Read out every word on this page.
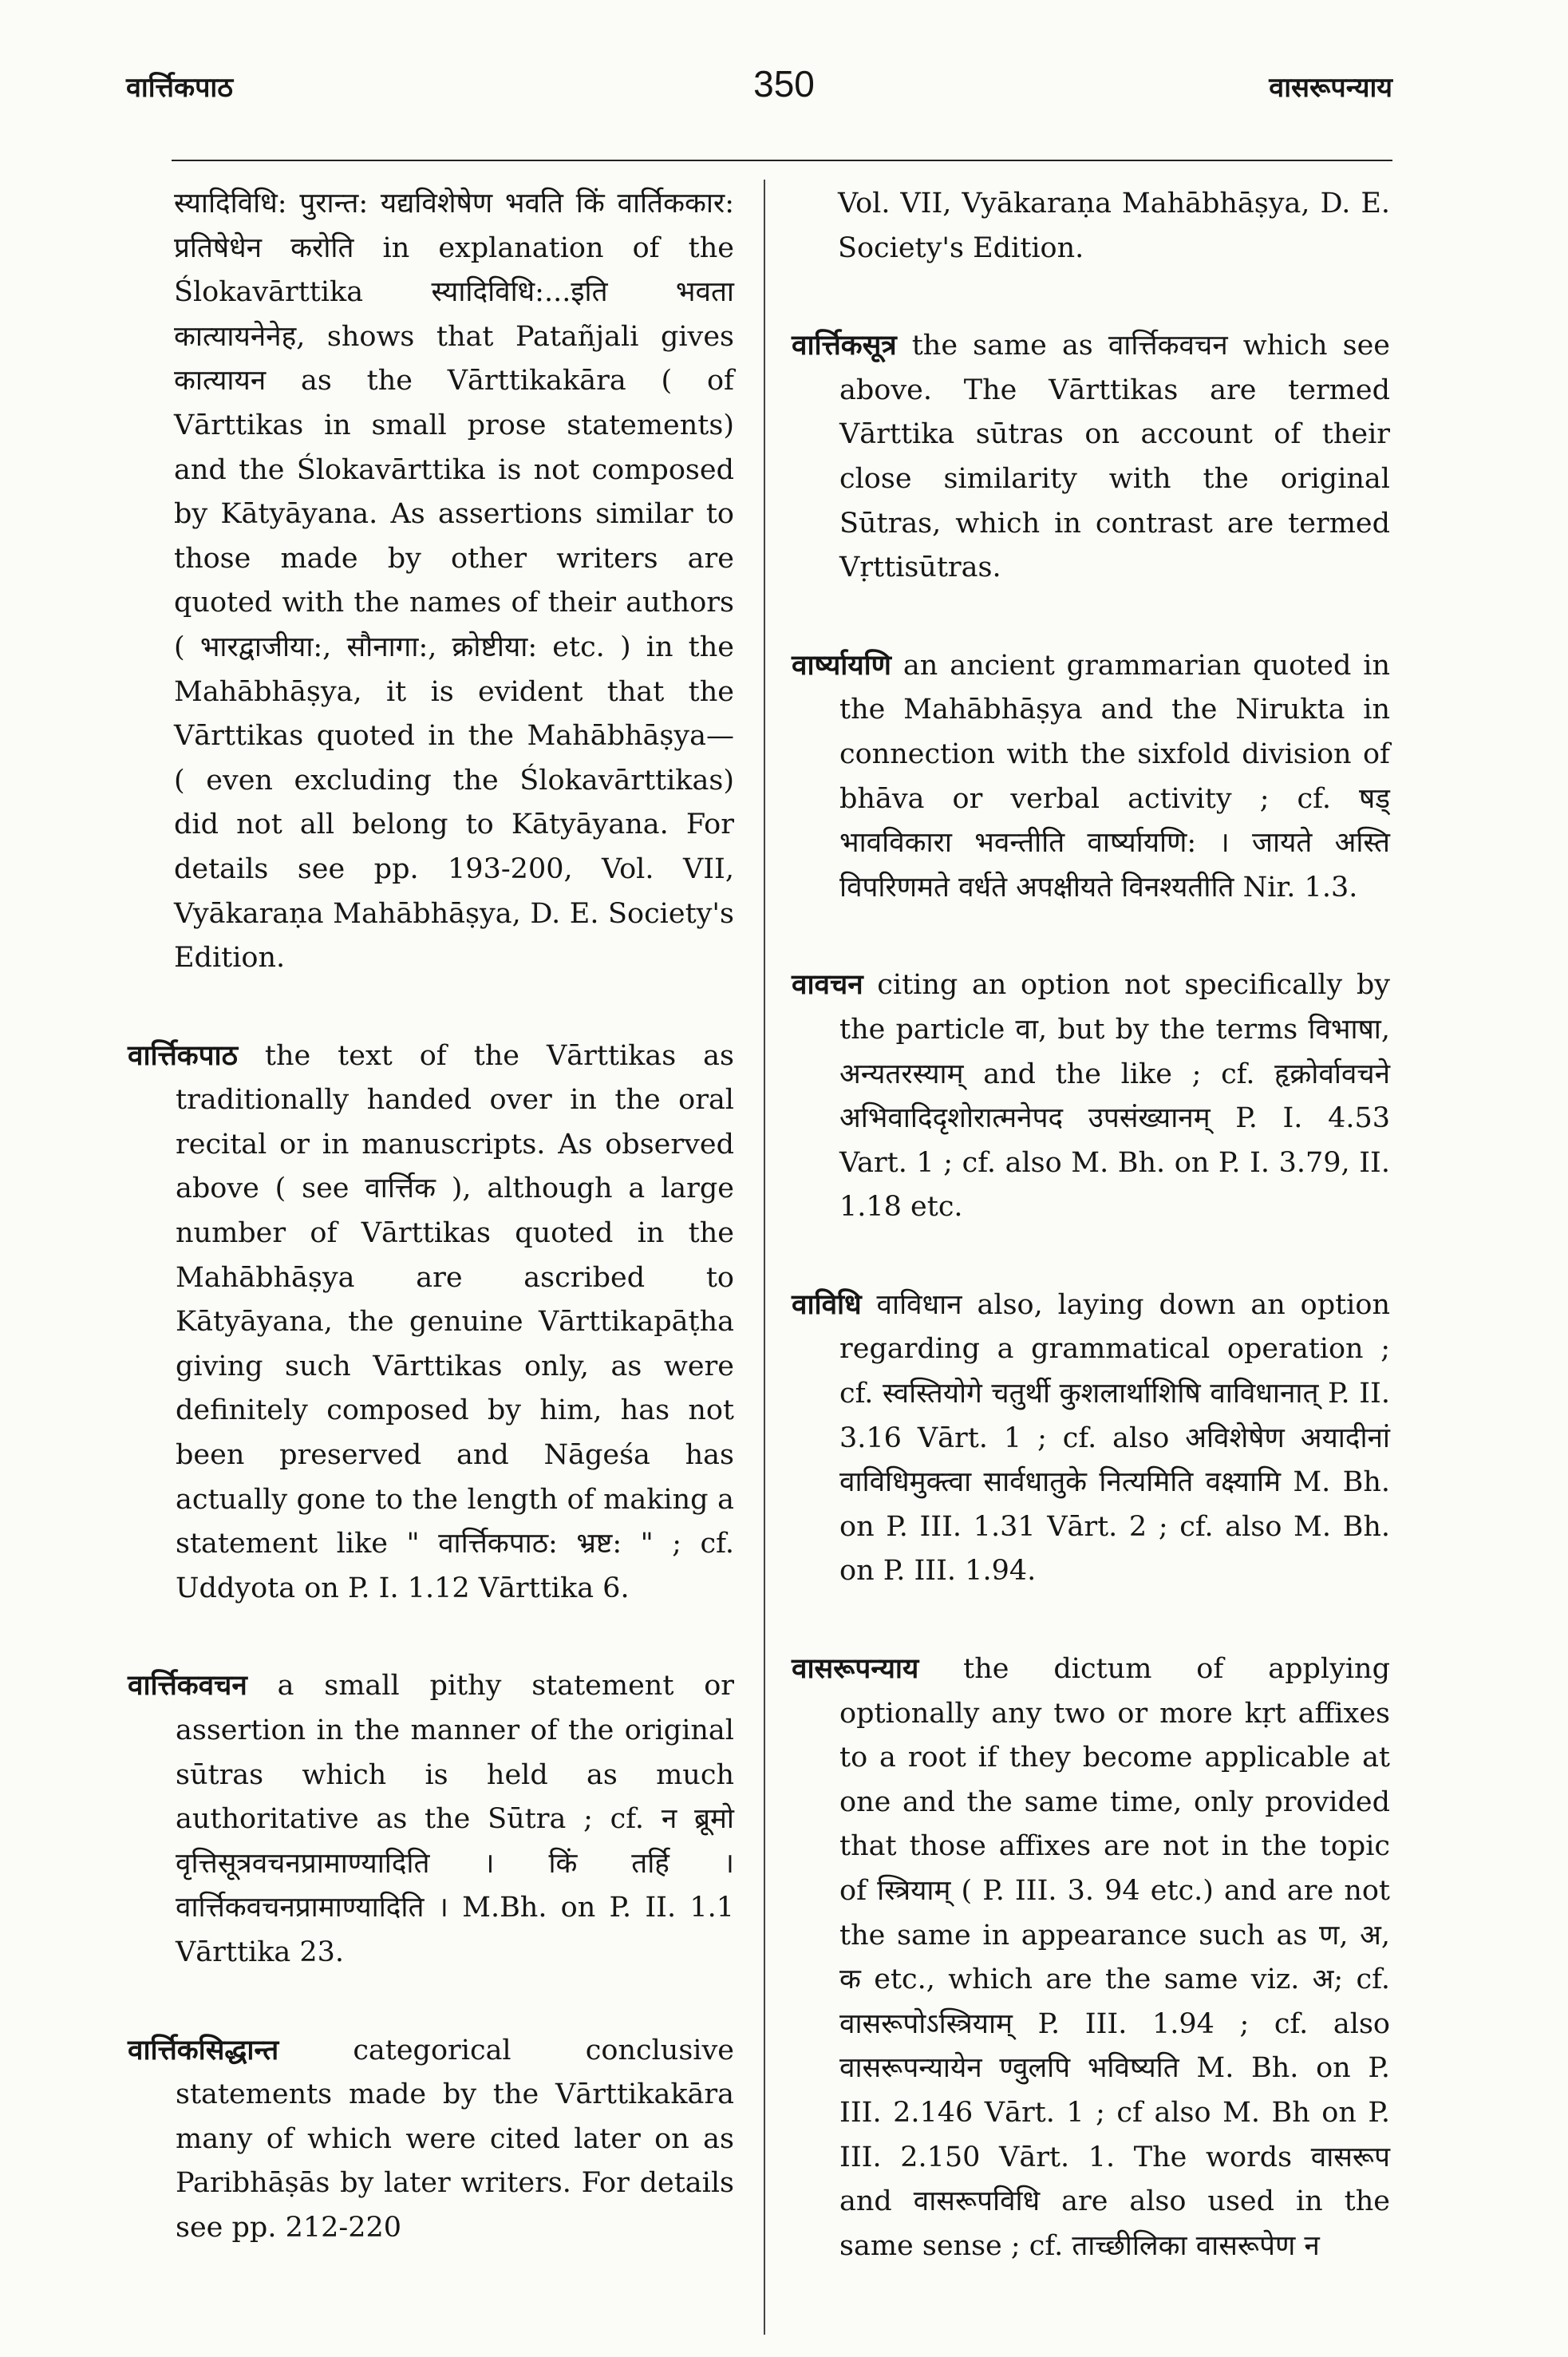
वार्त्तिकपाठ	350	वासरूपन्याय

स्यादिविधि: पुरान्त: यद्यविशेषेण भवति किं वार्तिककार: प्रतिषेधेन करोति in explanation of the Ślokavārttika स्यादिविधि:...इति भवता कात्यायनेनेह, shows that Patañjali gives कात्यायन as the Vārttikakāra ( of Vārttikas in small prose statements) and the Ślokavārttika is not composed by Kātyāyana. As assertions similar to those made by other writers are quoted with the names of their authors ( भारद्वाजीया:, सौनागा:, क्रोष्टीया: etc. ) in the Mahābhāṣya, it is evident that the Vārttikas quoted in the Mahābhāṣya— ( even excluding the Ślokavārttikas) did not all belong to Kātyāyana. For details see pp. 193-200, Vol. VII, Vyākaraṇa Mahābhāṣya, D. E. Society's Edition.

वार्त्तिकपाठ the text of the Vārttikas as traditionally handed over in the oral recital or in manuscripts. As observed above ( see वार्त्तिक ), although a large number of Vārttikas quoted in the Mahābhāṣya are ascribed to Kātyāyana, the genuine Vārttikapāṭha giving such Vārttikas only, as were definitely composed by him, has not been preserved and Nāgeśa has actually gone to the length of making a statement like " वार्त्तिकपाठ: भ्रष्ट: " ; cf. Uddyota on P. I. 1.12 Vārttika 6.

वार्त्तिकवचन a small pithy statement or assertion in the manner of the original sūtras which is held as much authoritative as the Sūtra ; cf. न ब्रूमो वृत्तिसूत्रवचनप्रामाण्यादिति । किं तर्हि । वार्त्तिकवचनप्रामाण्यादिति । M.Bh. on P. II. 1.1 Vārttika 23.

वार्त्तिकसिद्धान्त	categorical conclusive statements made by the Vārttikakāra many of which were cited later on as Paribhāṣās by later writers. For details see pp. 212-220

Vol. VII, Vyākaraṇa Mahābhāṣya, D. E. Society's Edition.

वार्त्तिकसूत्र the same as वार्त्तिकवचन which see above. The Vārttikas are termed Vārttika sūtras on account of their close similarity with the original Sūtras, which in contrast are termed Vṛttisūtras.

वार्ष्यायणि an ancient grammarian quoted in the Mahābhāṣya and the Nirukta in connection with the sixfold division of bhāva or verbal activity ; cf. षड् भावविकारा भवन्तीति वार्ष्यायणि: । जायते अस्ति विपरिणमते वर्धते अपक्षीयते विनश्यतीति Nir. 1.3.

वावचन citing an option not specifically by the particle वा, but by the terms विभाषा, अन्यतरस्याम् and the like ; cf. हृक्रोर्वावचने अभिवादिदृशोरात्मनेपद उपसंख्यानम् P. I. 4.53 Vart. 1 ; cf. also M. Bh. on P. I. 3.79, II. 1.18 etc.

वाविधि वाविधान also, laying down an option regarding a grammatical operation ; cf. स्वस्तियोगे चतुर्थी कुशलार्थाशिषि वाविधानात् P. II. 3.16 Vārt. 1 ; cf. also अविशेषेण अयादीनां वाविधिमुक्त्वा सार्वधातुके नित्यमिति वक्ष्यामि M. Bh. on P. III. 1.31 Vārt. 2 ; cf. also M. Bh. on P. III. 1.94.

वासरूपन्याय the dictum of applying optionally any two or more kṛt affixes to a root if they become applicable at one and the same time, only provided that those affixes are not in the topic of स्त्रियाम् ( P. III. 3. 94 etc.) and are not the same in appearance such as ण, अ, क etc., which are the same viz. अ; cf. वासरूपोऽस्त्रियाम् P. III. 1.94 ; cf. also वासरूपन्यायेन ण्वुलपि भविष्यति M. Bh. on P. III. 2.146 Vārt. 1 ; cf also M. Bh on P. III. 2.150 Vārt. 1. The words वासरूप and वासरूपविधि are also used in the same sense ; cf. ताच्छीलिका वासरूपेण न
